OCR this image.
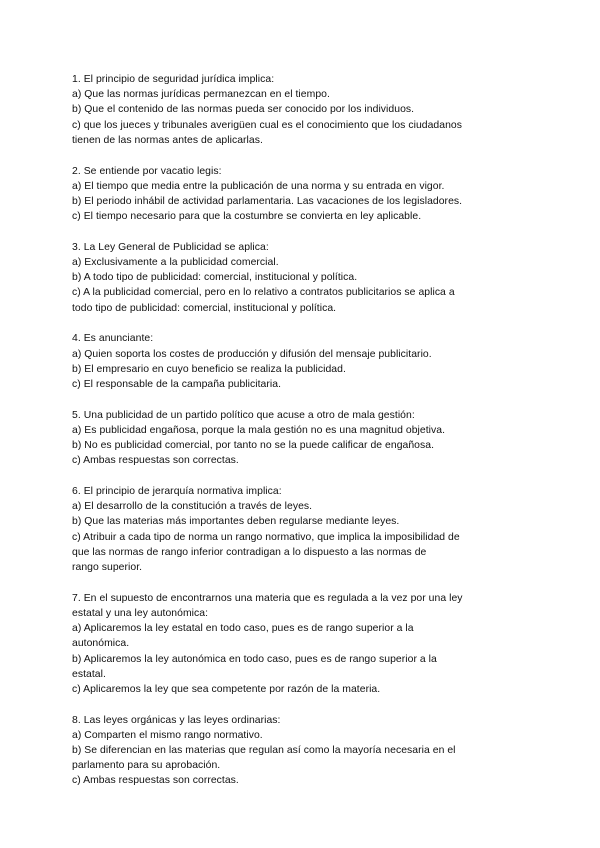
1. El principio de seguridad jurídica implica:
a) Que las normas jurídicas permanezcan en el tiempo.
b) Que el contenido de las normas pueda ser conocido por los individuos.
c) que los jueces y tribunales averigüen cual es el conocimiento que los ciudadanos
tienen de las normas antes de aplicarlas.
2. Se entiende por vacatio legis:
a) El tiempo que media entre la publicación de una norma y su entrada en vigor.
b) El periodo inhábil de actividad parlamentaria. Las vacaciones de los legisladores.
c) El tiempo necesario para que la costumbre se convierta en ley aplicable.
3. La Ley General de Publicidad se aplica:
a) Exclusivamente a la publicidad comercial.
b) A todo tipo de publicidad: comercial, institucional y política.
c) A la publicidad comercial, pero en lo relativo a contratos publicitarios se aplica a
todo tipo de publicidad: comercial, institucional y política.
4. Es anunciante:
a) Quien soporta los costes de producción y difusión del mensaje publicitario.
b) El empresario en cuyo beneficio se realiza la publicidad.
c) El responsable de la campaña publicitaria.
5. Una publicidad de un partido político que acuse a otro de mala gestión:
a) Es publicidad engañosa, porque la mala gestión no es una magnitud objetiva.
b) No es publicidad comercial, por tanto no se la puede calificar de engañosa.
c) Ambas respuestas son correctas.
6. El principio de jerarquía normativa implica:
a) El desarrollo de la constitución a través de leyes.
b) Que las materias más importantes deben regularse mediante leyes.
c) Atribuir a cada tipo de norma un rango normativo, que implica la imposibilidad de
que las normas de rango inferior contradigan a lo dispuesto a las normas de
rango superior.
7. En el supuesto de encontrarnos una materia que es regulada a la vez por una ley
estatal y una ley autonómica:
a) Aplicaremos la ley estatal en todo caso, pues es de rango superior a la
autonómica.
b) Aplicaremos la ley autonómica en todo caso, pues es de rango superior a la
estatal.
c) Aplicaremos la ley que sea competente por razón de la materia.
8. Las leyes orgánicas y las leyes ordinarias:
a) Comparten el mismo rango normativo.
b) Se diferencian en las materias que regulan así como la mayoría necesaria en el
parlamento para su aprobación.
c) Ambas respuestas son correctas.
